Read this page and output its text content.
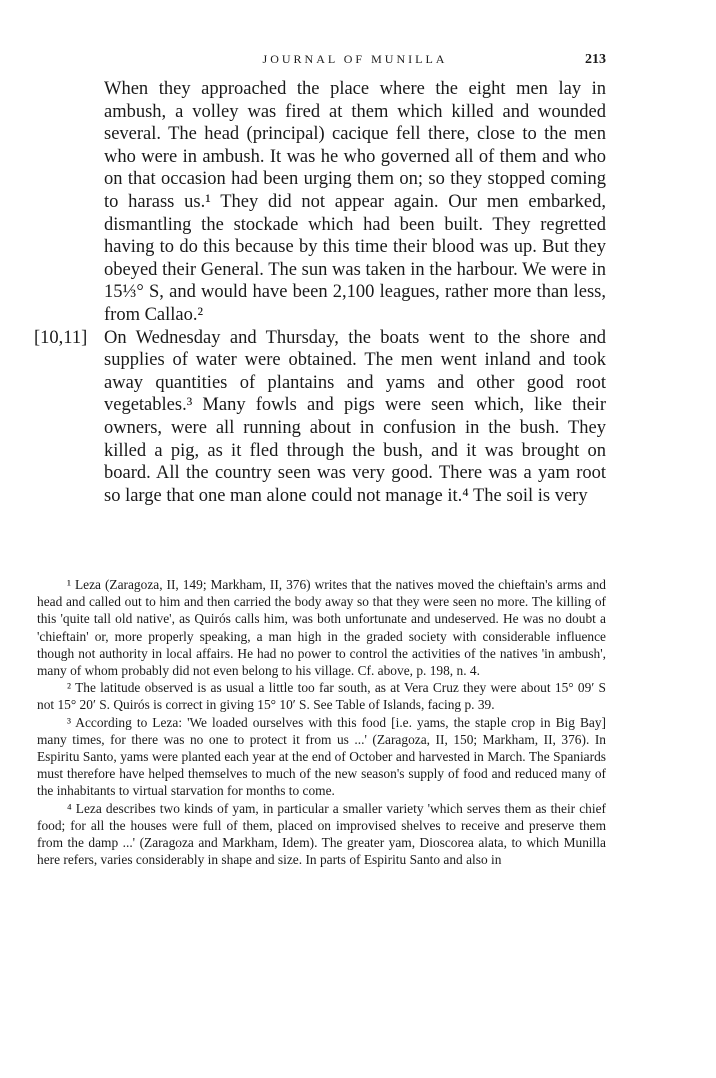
JOURNAL OF MUNILLA	213

When they approached the place where the eight men lay in ambush, a volley was fired at them which killed and wounded several. The head (principal) cacique fell there, close to the men who were in ambush. It was he who governed all of them and who on that occasion had been urging them on; so they stopped coming to harass us.¹ They did not appear again. Our men embarked, dismantling the stockade which had been built. They regretted having to do this because by this time their blood was up. But they obeyed their General. The sun was taken in the harbour. We were in 15⅓° S, and would have been 2,100 leagues, rather more than less, from Callao.²

[10,11] On Wednesday and Thursday, the boats went to the shore and supplies of water were obtained. The men went inland and took away quantities of plantains and yams and other good root vegetables.³ Many fowls and pigs were seen which, like their owners, were all running about in confusion in the bush. They killed a pig, as it fled through the bush, and it was brought on board. All the country seen was very good. There was a yam root so large that one man alone could not manage it.⁴ The soil is very

¹ Leza (Zaragoza, II, 149; Markham, II, 376) writes that the natives moved the chieftain's arms and head and called out to him and then carried the body away so that they were seen no more. The killing of this 'quite tall old native', as Quirós calls him, was both unfortunate and undeserved. He was no doubt a 'chieftain' or, more properly speaking, a man high in the graded society with considerable influence though not authority in local affairs. He had no power to control the activities of the natives 'in ambush', many of whom probably did not even belong to his village. Cf. above, p. 198, n. 4.

² The latitude observed is as usual a little too far south, as at Vera Cruz they were about 15° 09′ S not 15° 20′ S. Quirós is correct in giving 15° 10′ S. See Table of Islands, facing p. 39.

³ According to Leza: 'We loaded ourselves with this food [i.e. yams, the staple crop in Big Bay] many times, for there was no one to protect it from us ...' (Zaragoza, II, 150; Markham, II, 376). In Espiritu Santo, yams were planted each year at the end of October and harvested in March. The Spaniards must therefore have helped themselves to much of the new season's supply of food and reduced many of the inhabitants to virtual starvation for months to come.

⁴ Leza describes two kinds of yam, in particular a smaller variety 'which serves them as their chief food; for all the houses were full of them, placed on improvised shelves to receive and preserve them from the damp ...' (Zaragoza and Markham, Idem). The greater yam, Dioscorea alata, to which Munilla here refers, varies considerably in shape and size. In parts of Espiritu Santo and also in
